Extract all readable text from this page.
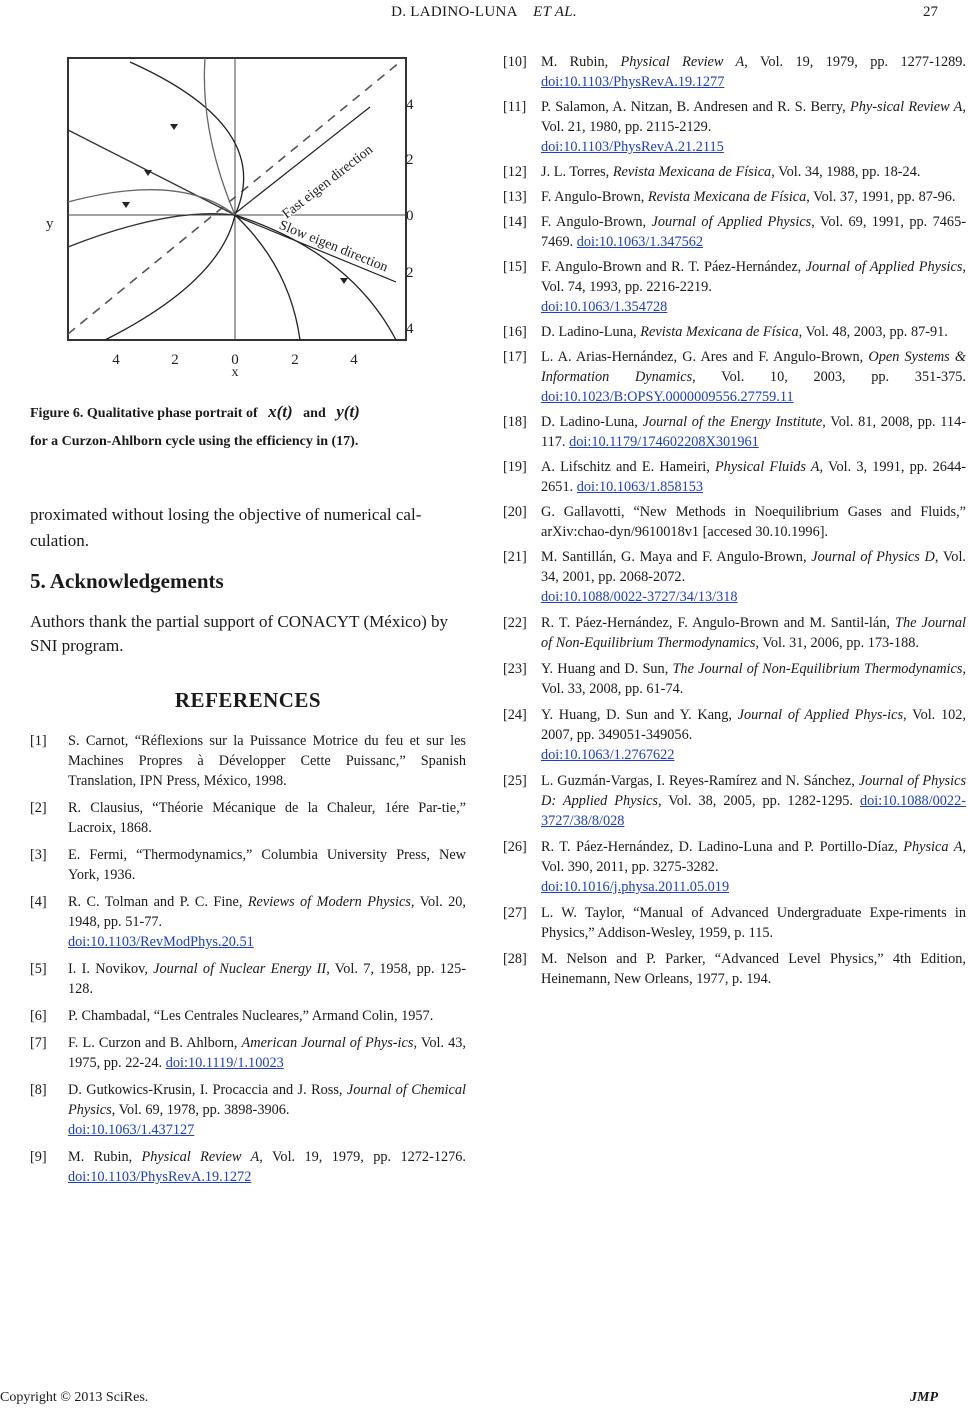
D. LADINO-LUNA ET AL.	27
Fast eigen direction
Slow eigen direction
4
2
0
2
4
4	2	0	2	4
x
y
Figure 6. Qualitative phase portrait of x(t) and y(t)
for a Curzon-Ahlborn cycle using the efficiency in (17).
proximated without losing the objective of numerical cal-culation.
5. Acknowledgements
Authors thank the partial support of CONACYT (México) by SNI program.
REFERENCES
[1] S. Carnot, “Réflexions sur la Puissance Motrice du feu et sur les Machines Propres à Développer Cette Puissanc,” Spanish Translation, IPN Press, México, 1998.
[2] R. Clausius, “Théorie Mécanique de la Chaleur, 1ére Par-tie,” Lacroix, 1868.
[3] E. Fermi, “Thermodynamics,” Columbia University Press, New York, 1936.
[4] R. C. Tolman and P. C. Fine, Reviews of Modern Physics, Vol. 20, 1948, pp. 51-77.
doi:10.1103/RevModPhys.20.51
[5] I. I. Novikov, Journal of Nuclear Energy II, Vol. 7, 1958, pp. 125-128.
[6] P. Chambadal, “Les Centrales Nucleares,” Armand Colin, 1957.
[7] F. L. Curzon and B. Ahlborn, American Journal of Phys-ics, Vol. 43, 1975, pp. 22-24. doi:10.1119/1.10023
[8] D. Gutkowics-Krusin, I. Procaccia and J. Ross, Journal of Chemical Physics, Vol. 69, 1978, pp. 3898-3906.
doi:10.1063/1.437127
[9] M. Rubin, Physical Review A, Vol. 19, 1979, pp. 1272-1276. doi:10.1103/PhysRevA.19.1272
[10] M. Rubin, Physical Review A, Vol. 19, 1979, pp. 1277-1289. doi:10.1103/PhysRevA.19.1277
[11] P. Salamon, A. Nitzan, B. Andresen and R. S. Berry, Phy-sical Review A, Vol. 21, 1980, pp. 2115-2129.
doi:10.1103/PhysRevA.21.2115
[12] J. L. Torres, Revista Mexicana de Física, Vol. 34, 1988, pp. 18-24.
[13] F. Angulo-Brown, Revista Mexicana de Física, Vol. 37, 1991, pp. 87-96.
[14] F. Angulo-Brown, Journal of Applied Physics, Vol. 69, 1991, pp. 7465-7469. doi:10.1063/1.347562
[15] F. Angulo-Brown and R. T. Páez-Hernández, Journal of Applied Physics, Vol. 74, 1993, pp. 2216-2219.
doi:10.1063/1.354728
[16] D. Ladino-Luna, Revista Mexicana de Física, Vol. 48, 2003, pp. 87-91.
[17] L. A. Arias-Hernández, G. Ares and F. Angulo-Brown, Open Systems & Information Dynamics, Vol. 10, 2003, pp. 351-375. doi:10.1023/B:OPSY.0000009556.27759.11
[18] D. Ladino-Luna, Journal of the Energy Institute, Vol. 81, 2008, pp. 114-117. doi:10.1179/174602208X301961
[19] A. Lifschitz and E. Hameiri, Physical Fluids A, Vol. 3, 1991, pp. 2644-2651. doi:10.1063/1.858153
[20] G. Gallavotti, “New Methods in Noequilibrium Gases and Fluids,” arXiv:chao-dyn/9610018v1 [accesed 30.10.1996].
[21] M. Santillán, G. Maya and F. Angulo-Brown, Journal of Physics D, Vol. 34, 2001, pp. 2068-2072.
doi:10.1088/0022-3727/34/13/318
[22] R. T. Páez-Hernández, F. Angulo-Brown and M. Santil-lán, The Journal of Non-Equilibrium Thermodynamics, Vol. 31, 2006, pp. 173-188.
[23] Y. Huang and D. Sun, The Journal of Non-Equilibrium Thermodynamics, Vol. 33, 2008, pp. 61-74.
[24] Y. Huang, D. Sun and Y. Kang, Journal of Applied Phys-ics, Vol. 102, 2007, pp. 349051-349056.
doi:10.1063/1.2767622
[25] L. Guzmán-Vargas, I. Reyes-Ramírez and N. Sánchez, Journal of Physics D: Applied Physics, Vol. 38, 2005, pp. 1282-1295. doi:10.1088/0022-3727/38/8/028
[26] R. T. Páez-Hernández, D. Ladino-Luna and P. Portillo-Díaz, Physica A, Vol. 390, 2011, pp. 3275-3282.
doi:10.1016/j.physa.2011.05.019
[27] L. W. Taylor, “Manual of Advanced Undergraduate Expe-riments in Physics,” Addison-Wesley, 1959, p. 115.
[28] M. Nelson and P. Parker, “Advanced Level Physics,” 4th Edition, Heinemann, New Orleans, 1977, p. 194.
Copyright © 2013 SciRes.	JMP
